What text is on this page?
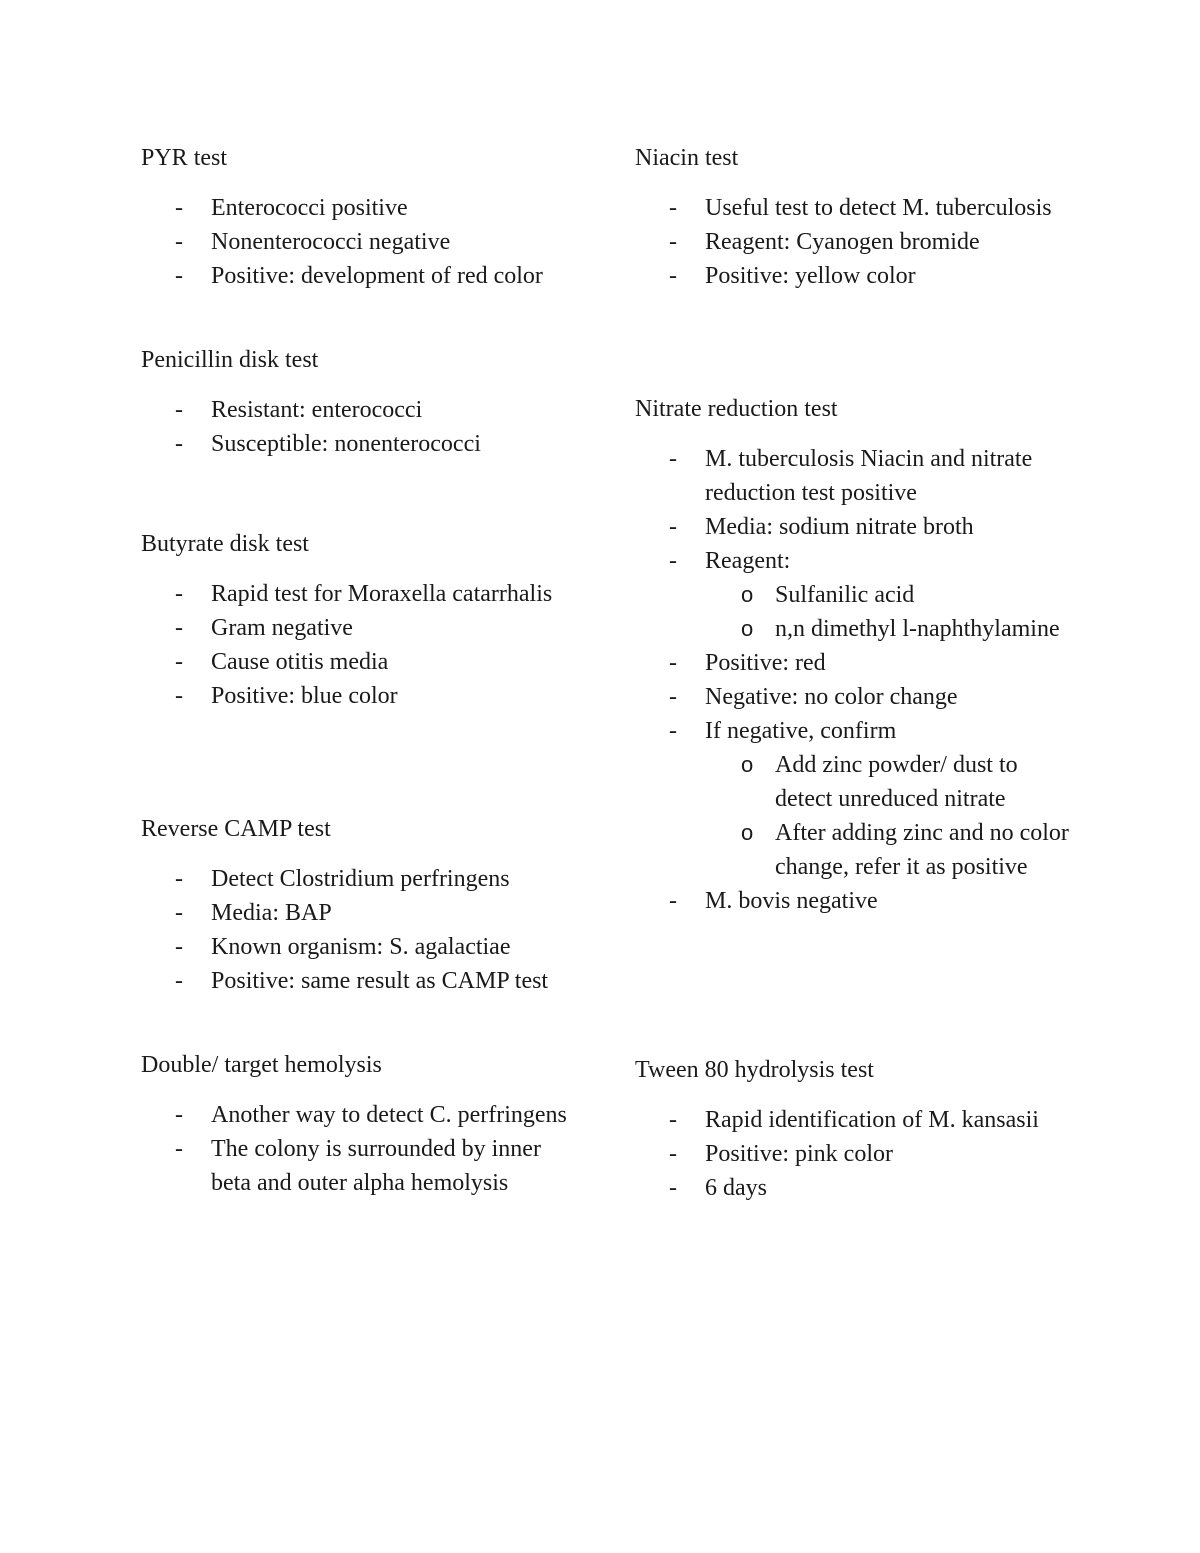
PYR test

- Enterococci positive
- Nonenterococci negative
- Positive: development of red color

Penicillin disk test

- Resistant: enterococci
- Susceptible: nonenterococci

Butyrate disk test

- Rapid test for Moraxella catarrhalis
- Gram negative
- Cause otitis media
- Positive: blue color

Reverse CAMP test

- Detect Clostridium perfringens
- Media: BAP
- Known organism: S. agalactiae
- Positive: same result as CAMP test

Double/ target hemolysis

- Another way to detect C. perfringens
- The colony is surrounded by inner beta and outer alpha hemolysis

Niacin test

- Useful test to detect M. tuberculosis
- Reagent: Cyanogen bromide
- Positive: yellow color

Nitrate reduction test

- M. tuberculosis Niacin and nitrate reduction test positive
- Media: sodium nitrate broth
- Reagent:
o Sulfanilic acid
o n,n dimethyl l-naphthylamine
- Positive: red
- Negative: no color change
- If negative, confirm
o Add zinc powder/ dust to detect unreduced nitrate
o After adding zinc and no color change, refer it as positive
- M. bovis negative

Tween 80 hydrolysis test

- Rapid identification of M. kansasii
- Positive: pink color
- 6 days
